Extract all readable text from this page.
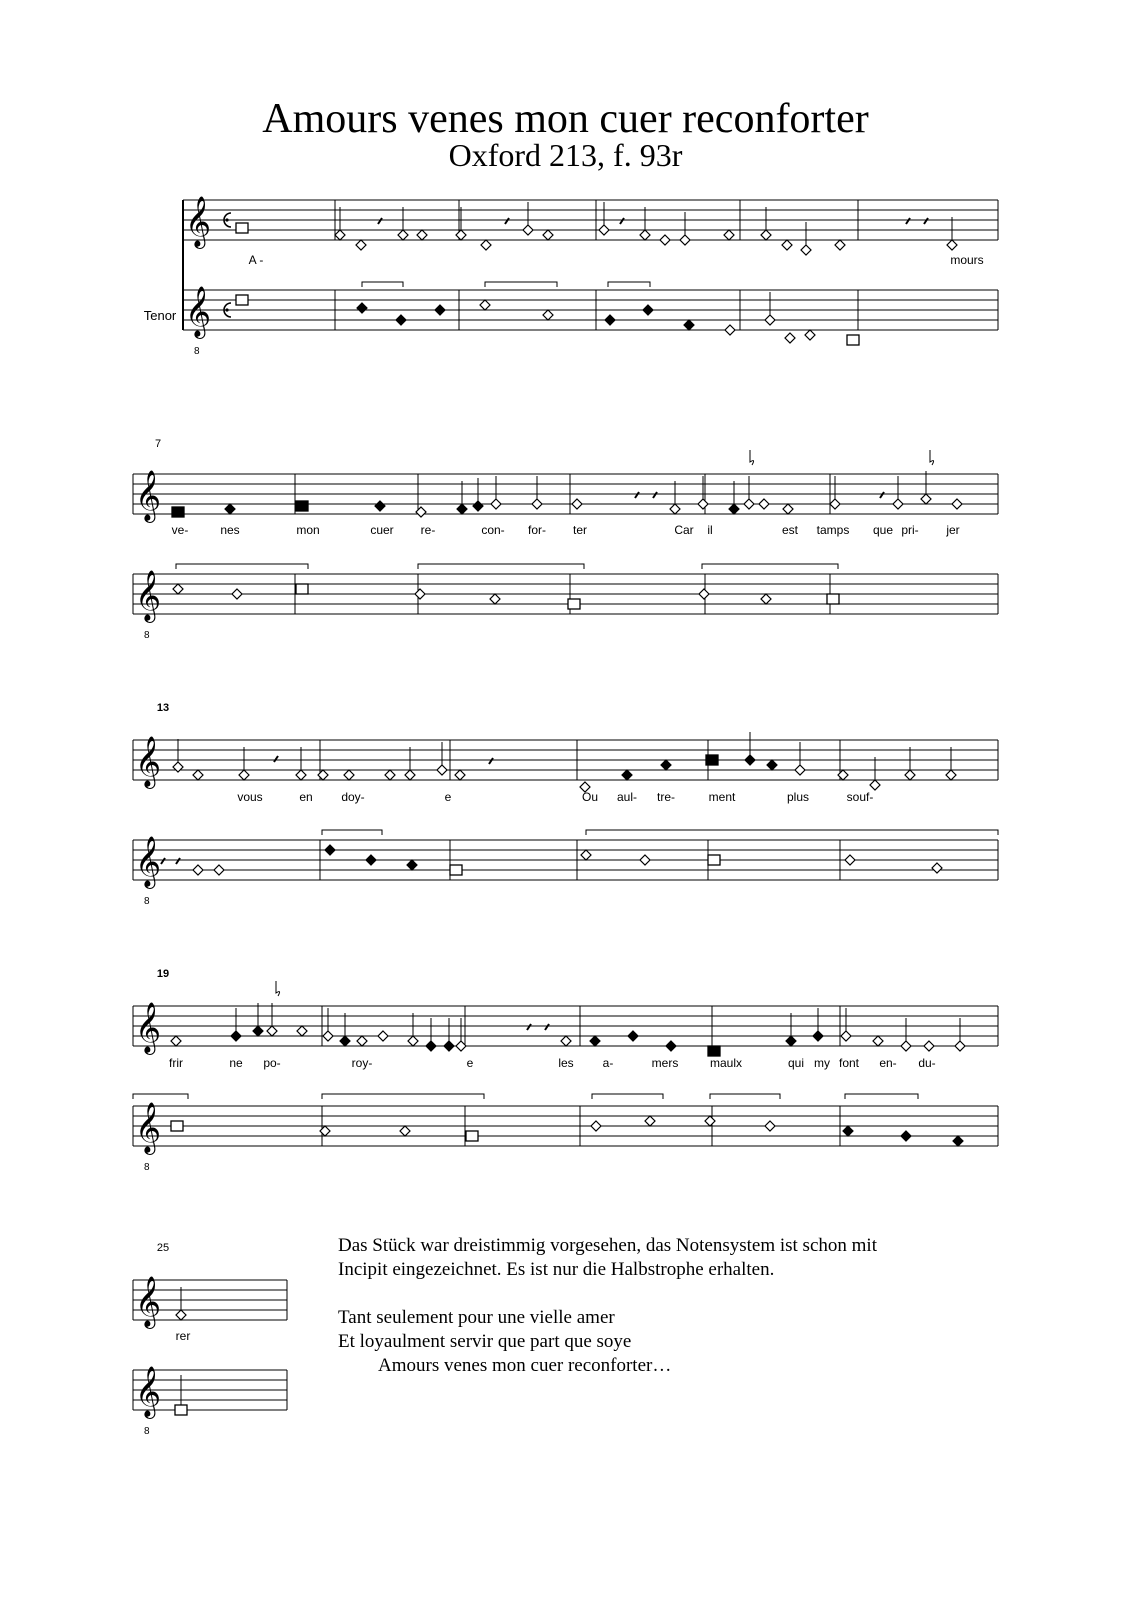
Amours venes mon cuer reconforter
Oxford 213, f. 93r
𝄞
𝄞
8
𝄞
𝄞
8
𝄞
𝄞
8
𝄞
𝄞
8
𝄞
𝄞
8
A -	mours
Tenor
7
ve-	nes	mon	cuer re-	con- for- ter	Car il	est tamps que pri- jer
13
vous	en doy-	e	Ou aul- tre-	ment	plus	souf-
19
frir	ne po-	roy-	e	les a-	mers	maulx	qui my font en- du-
25
rer

Das Stück war dreistimmig vorgesehen, das Notensystem ist schon mit

Incipit eingezeichnet. Es ist nur die Halbstrophe erhalten.

Tant seulement pour une vielle amer

Et loyaulment servir que part que soye

Amours venes mon cuer reconforter…
